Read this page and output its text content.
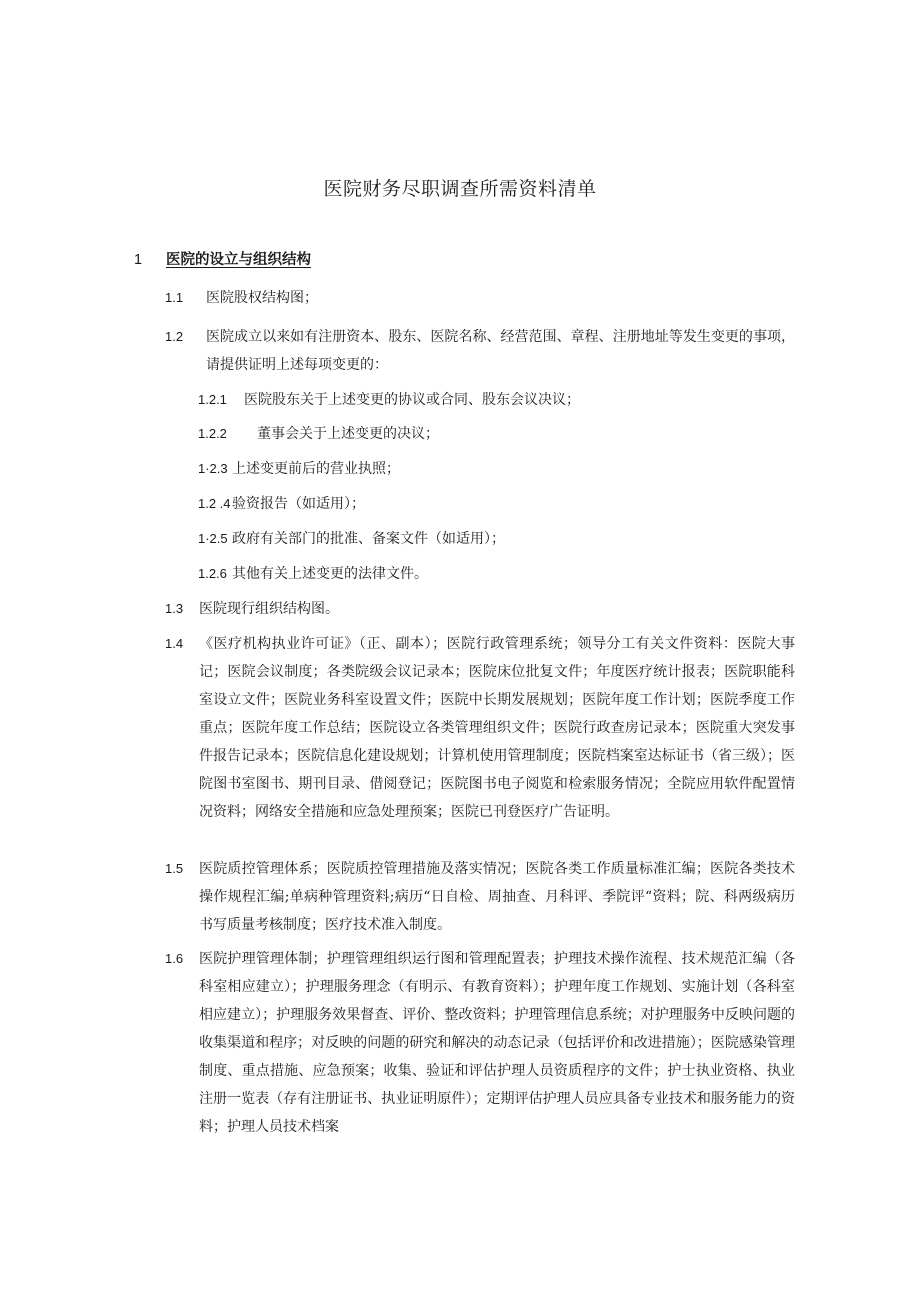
医院财务尽职调查所需资料清单
1 医院的设立与组织结构
1.1 医院股权结构图；
1.2 医院成立以来如有注册资本、股东、医院名称、经营范围、章程、注册地址等发生变更的事项，请提供证明上述每项变更的：
1.2.1 医院股东关于上述变更的协议或合同、股东会议决议；
1.2.2 董事会关于上述变更的决议；
1·2.3 上述变更前后的营业执照；
1.2 .4 验资报告（如适用）；
1·2.5 政府有关部门的批准、备案文件（如适用）；
1.2.6 其他有关上述变更的法律文件。
1.3 医院现行组织结构图。
1.4 《医疗机构执业许可证》（正、副本）；医院行政管理系统；领导分工有关文件资料：医院大事记；医院会议制度；各类院级会议记录本；医院床位批复文件；年度医疗统计报表；医院职能科室设立文件；医院业务科室设置文件；医院中长期发展规划；医院年度工作计划；医院季度工作重点；医院年度工作总结；医院设立各类管理组织文件；医院行政查房记录本；医院重大突发事件报告记录本；医院信息化建设规划；计算机使用管理制度；医院档案室达标证书（省三级）；医院图书室图书、期刊目录、借阅登记；医院图书电子阅览和检索服务情况；全院应用软件配置情况资料；网络安全措施和应急处理预案；医院已刊登医疗广告证明。
1.5 医院质控管理体系；医院质控管理措施及落实情况；医院各类工作质量标准汇编；医院各类技术操作规程汇编;单病种管理资料;病历“日自检、周抽查、月科评、季院评“资料；院、科两级病历书写质量考核制度；医疗技术准入制度。
1.6 医院护理管理体制；护理管理组织运行图和管理配置表；护理技术操作流程、技术规范汇编（各科室相应建立）；护理服务理念（有明示、有教育资料）；护理年度工作规划、实施计划（各科室相应建立）；护理服务效果督查、评价、整改资料；护理管理信息系统；对护理服务中反映问题的收集渠道和程序；对反映的问题的研究和解决的动态记录（包括评价和改进措施）；医院感染管理制度、重点措施、应急预案；收集、验证和评估护理人员资质程序的文件；护士执业资格、执业注册一览表（存有注册证书、执业证明原件）；定期评估护理人员应具备专业技术和服务能力的资料；护理人员技术档案
